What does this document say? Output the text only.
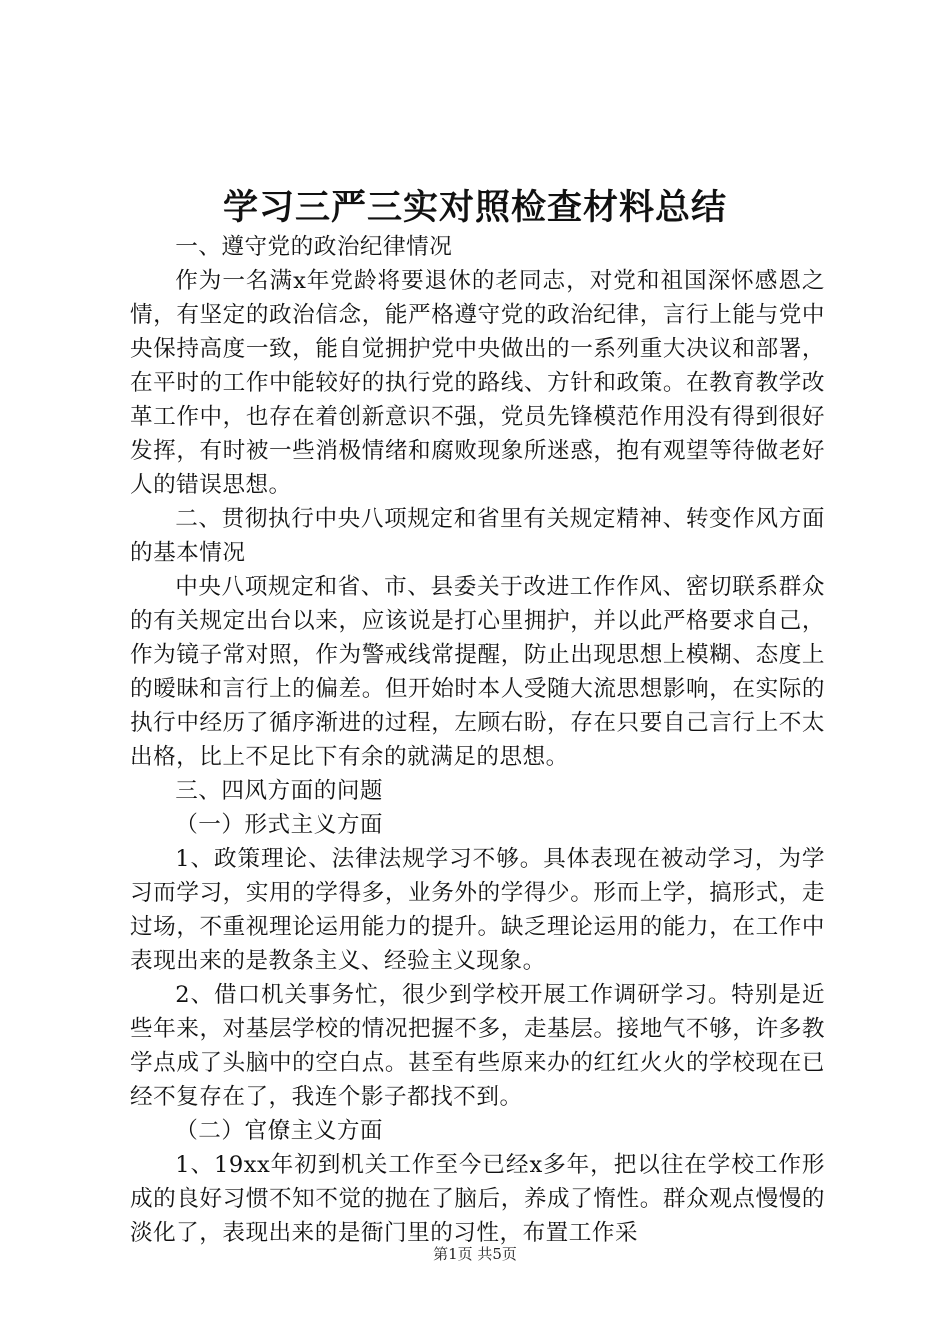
学习三严三实对照检查材料总结

一、遵守党的政治纪律情况

作为一名满x年党龄将要退休的老同志，对党和祖国深怀感恩之情，有坚定的政治信念，能严格遵守党的政治纪律，言行上能与党中央保持高度一致，能自觉拥护党中央做出的一系列重大决议和部署，在平时的工作中能较好的执行党的路线、方针和政策。在教育教学改革工作中，也存在着创新意识不强，党员先锋模范作用没有得到很好发挥，有时被一些消极情绪和腐败现象所迷惑，抱有观望等待做老好人的错误思想。

二、贯彻执行中央八项规定和省里有关规定精神、转变作风方面的基本情况

中央八项规定和省、市、县委关于改进工作作风、密切联系群众的有关规定出台以来，应该说是打心里拥护，并以此严格要求自己，作为镜子常对照，作为警戒线常提醒，防止出现思想上模糊、态度上的暧昧和言行上的偏差。但开始时本人受随大流思想影响，在实际的执行中经历了循序渐进的过程，左顾右盼，存在只要自己言行上不太出格，比上不足比下有余的就满足的思想。

三、四风方面的问题

（一）形式主义方面

1、政策理论、法律法规学习不够。具体表现在被动学习，为学习而学习，实用的学得多，业务外的学得少。形而上学，搞形式，走过场，不重视理论运用能力的提升。缺乏理论运用的能力，在工作中表现出来的是教条主义、经验主义现象。

2、借口机关事务忙，很少到学校开展工作调研学习。特别是近些年来，对基层学校的情况把握不多，走基层。接地气不够，许多教学点成了头脑中的空白点。甚至有些原来办的红红火火的学校现在已经不复存在了，我连个影子都找不到。

（二）官僚主义方面

1、19xx年初到机关工作至今已经x多年，把以往在学校工作形成的良好习惯不知不觉的抛在了脑后，养成了惰性。群众观点慢慢的淡化了，表现出来的是衙门里的习性，布置工作采

第1页 共5页
